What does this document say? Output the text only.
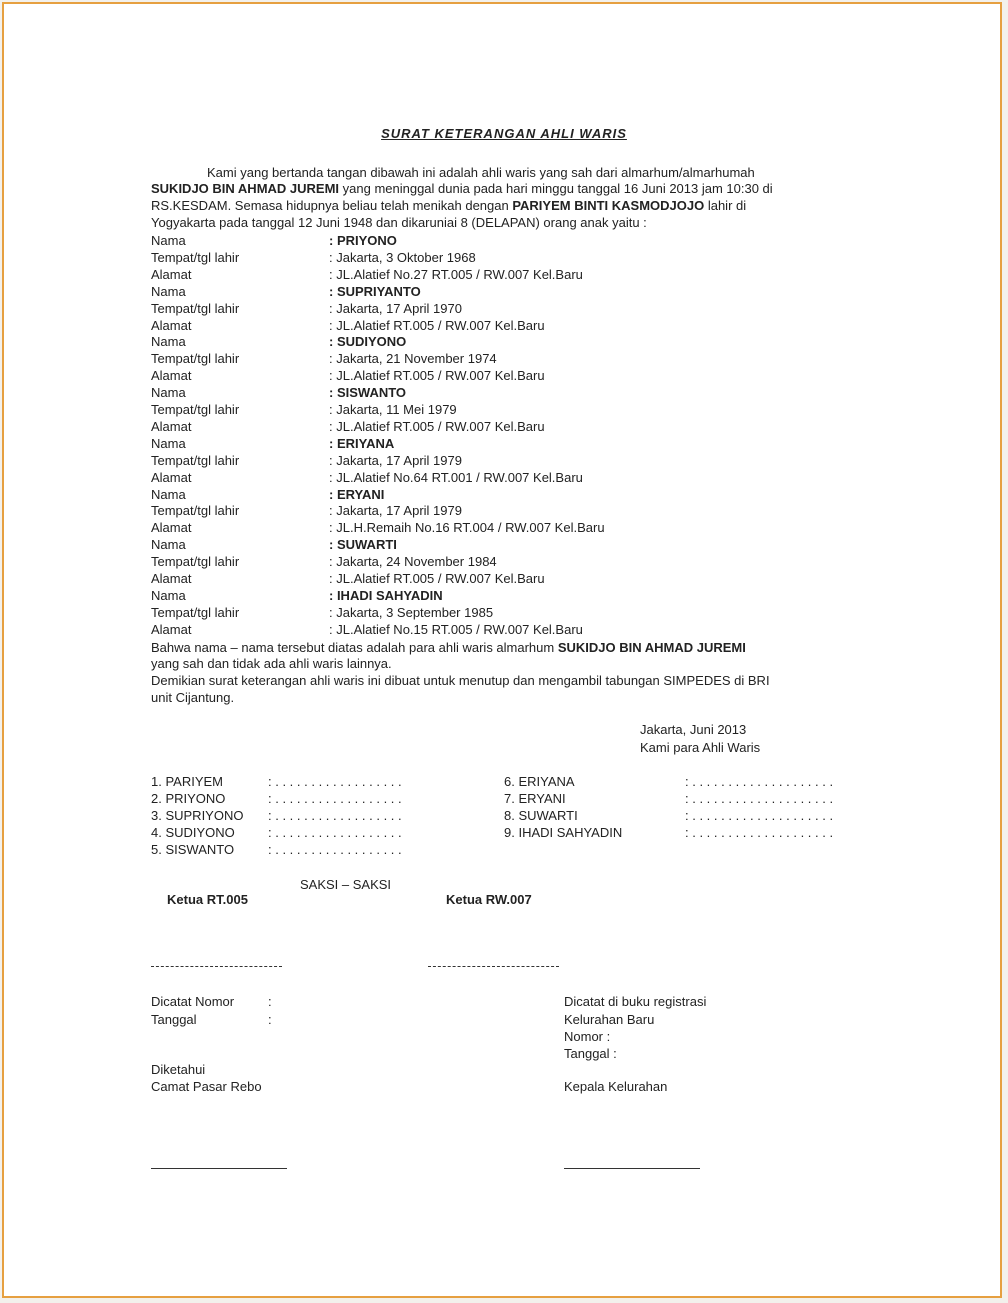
SURAT KETERANGAN AHLI WARIS
Kami yang bertanda tangan dibawah ini adalah ahli waris yang sah dari almarhum/almarhumah
SUKIDJO BIN AHMAD JUREMI yang meninggal dunia pada hari minggu tanggal 16 Juni 2013 jam 10:30 di
RS.KESDAM. Semasa hidupnya beliau telah menikah dengan PARIYEM BINTI KASMODJOJO lahir di
Yogyakarta pada tanggal 12 Juni 1948 dan dikaruniai 8 (DELAPAN) orang anak yaitu :
Nama	: PRIYONO
Tempat/tgl lahir	: Jakarta, 3 Oktober 1968
Alamat	: JL.Alatief No.27 RT.005 / RW.007 Kel.Baru
Nama	: SUPRIYANTO
Tempat/tgl lahir	: Jakarta, 17 April 1970
Alamat	: JL.Alatief RT.005 / RW.007 Kel.Baru
Nama	: SUDIYONO
Tempat/tgl lahir	: Jakarta, 21 November 1974
Alamat	: JL.Alatief RT.005 / RW.007 Kel.Baru
Nama	: SISWANTO
Tempat/tgl lahir	: Jakarta, 11 Mei 1979
Alamat	: JL.Alatief RT.005 / RW.007 Kel.Baru
Nama	: ERIYANA
Tempat/tgl lahir	: Jakarta, 17 April 1979
Alamat	: JL.Alatief No.64 RT.001 / RW.007 Kel.Baru
Nama	: ERYANI
Tempat/tgl lahir	: Jakarta, 17 April 1979
Alamat	: JL.H.Remaih No.16 RT.004 / RW.007 Kel.Baru
Nama	: SUWARTI
Tempat/tgl lahir	: Jakarta, 24 November 1984
Alamat	: JL.Alatief RT.005 / RW.007 Kel.Baru
Nama	: IHADI SAHYADIN
Tempat/tgl lahir	: Jakarta, 3 September 1985
Alamat	: JL.Alatief No.15 RT.005 / RW.007 Kel.Baru
Bahwa nama – nama tersebut diatas adalah para ahli waris almarhum SUKIDJO BIN AHMAD JUREMI
yang sah dan tidak ada ahli waris lainnya.
Demikian surat keterangan ahli waris ini dibuat untuk menutup dan mengambil tabungan SIMPEDES di BRI
unit Cijantung.
Jakarta, Juni 2013
Kami para Ahli Waris
1. PARIYEM	: . . . . . . . . . . . . . . . . . .
2. PRIYONO	: . . . . . . . . . . . . . . . . . .
3. SUPRIYONO : . . . . . . . . . . . . . . . . . .
4. SUDIYONO	: . . . . . . . . . . . . . . . . . .
5. SISWANTO	: . . . . . . . . . . . . . . . . . .
6. ERIYANA	: . . . . . . . . . . . . . . . . . . . .
7. ERYANI	: . . . . . . . . . . . . . . . . . . . .
8. SUWARTI	: . . . . . . . . . . . . . . . . . . . .
9. IHADI SAHYADIN	: . . . . . . . . . . . . . . . . . . . .
SAKSI – SAKSI
Ketua RT.005	Ketua RW.007
Dicatat Nomor	:
Tanggal	:
Dicatat di buku registrasi
Kelurahan Baru
Nomor :
Tanggal :
Diketahui
Camat Pasar Rebo	Kepala Kelurahan
